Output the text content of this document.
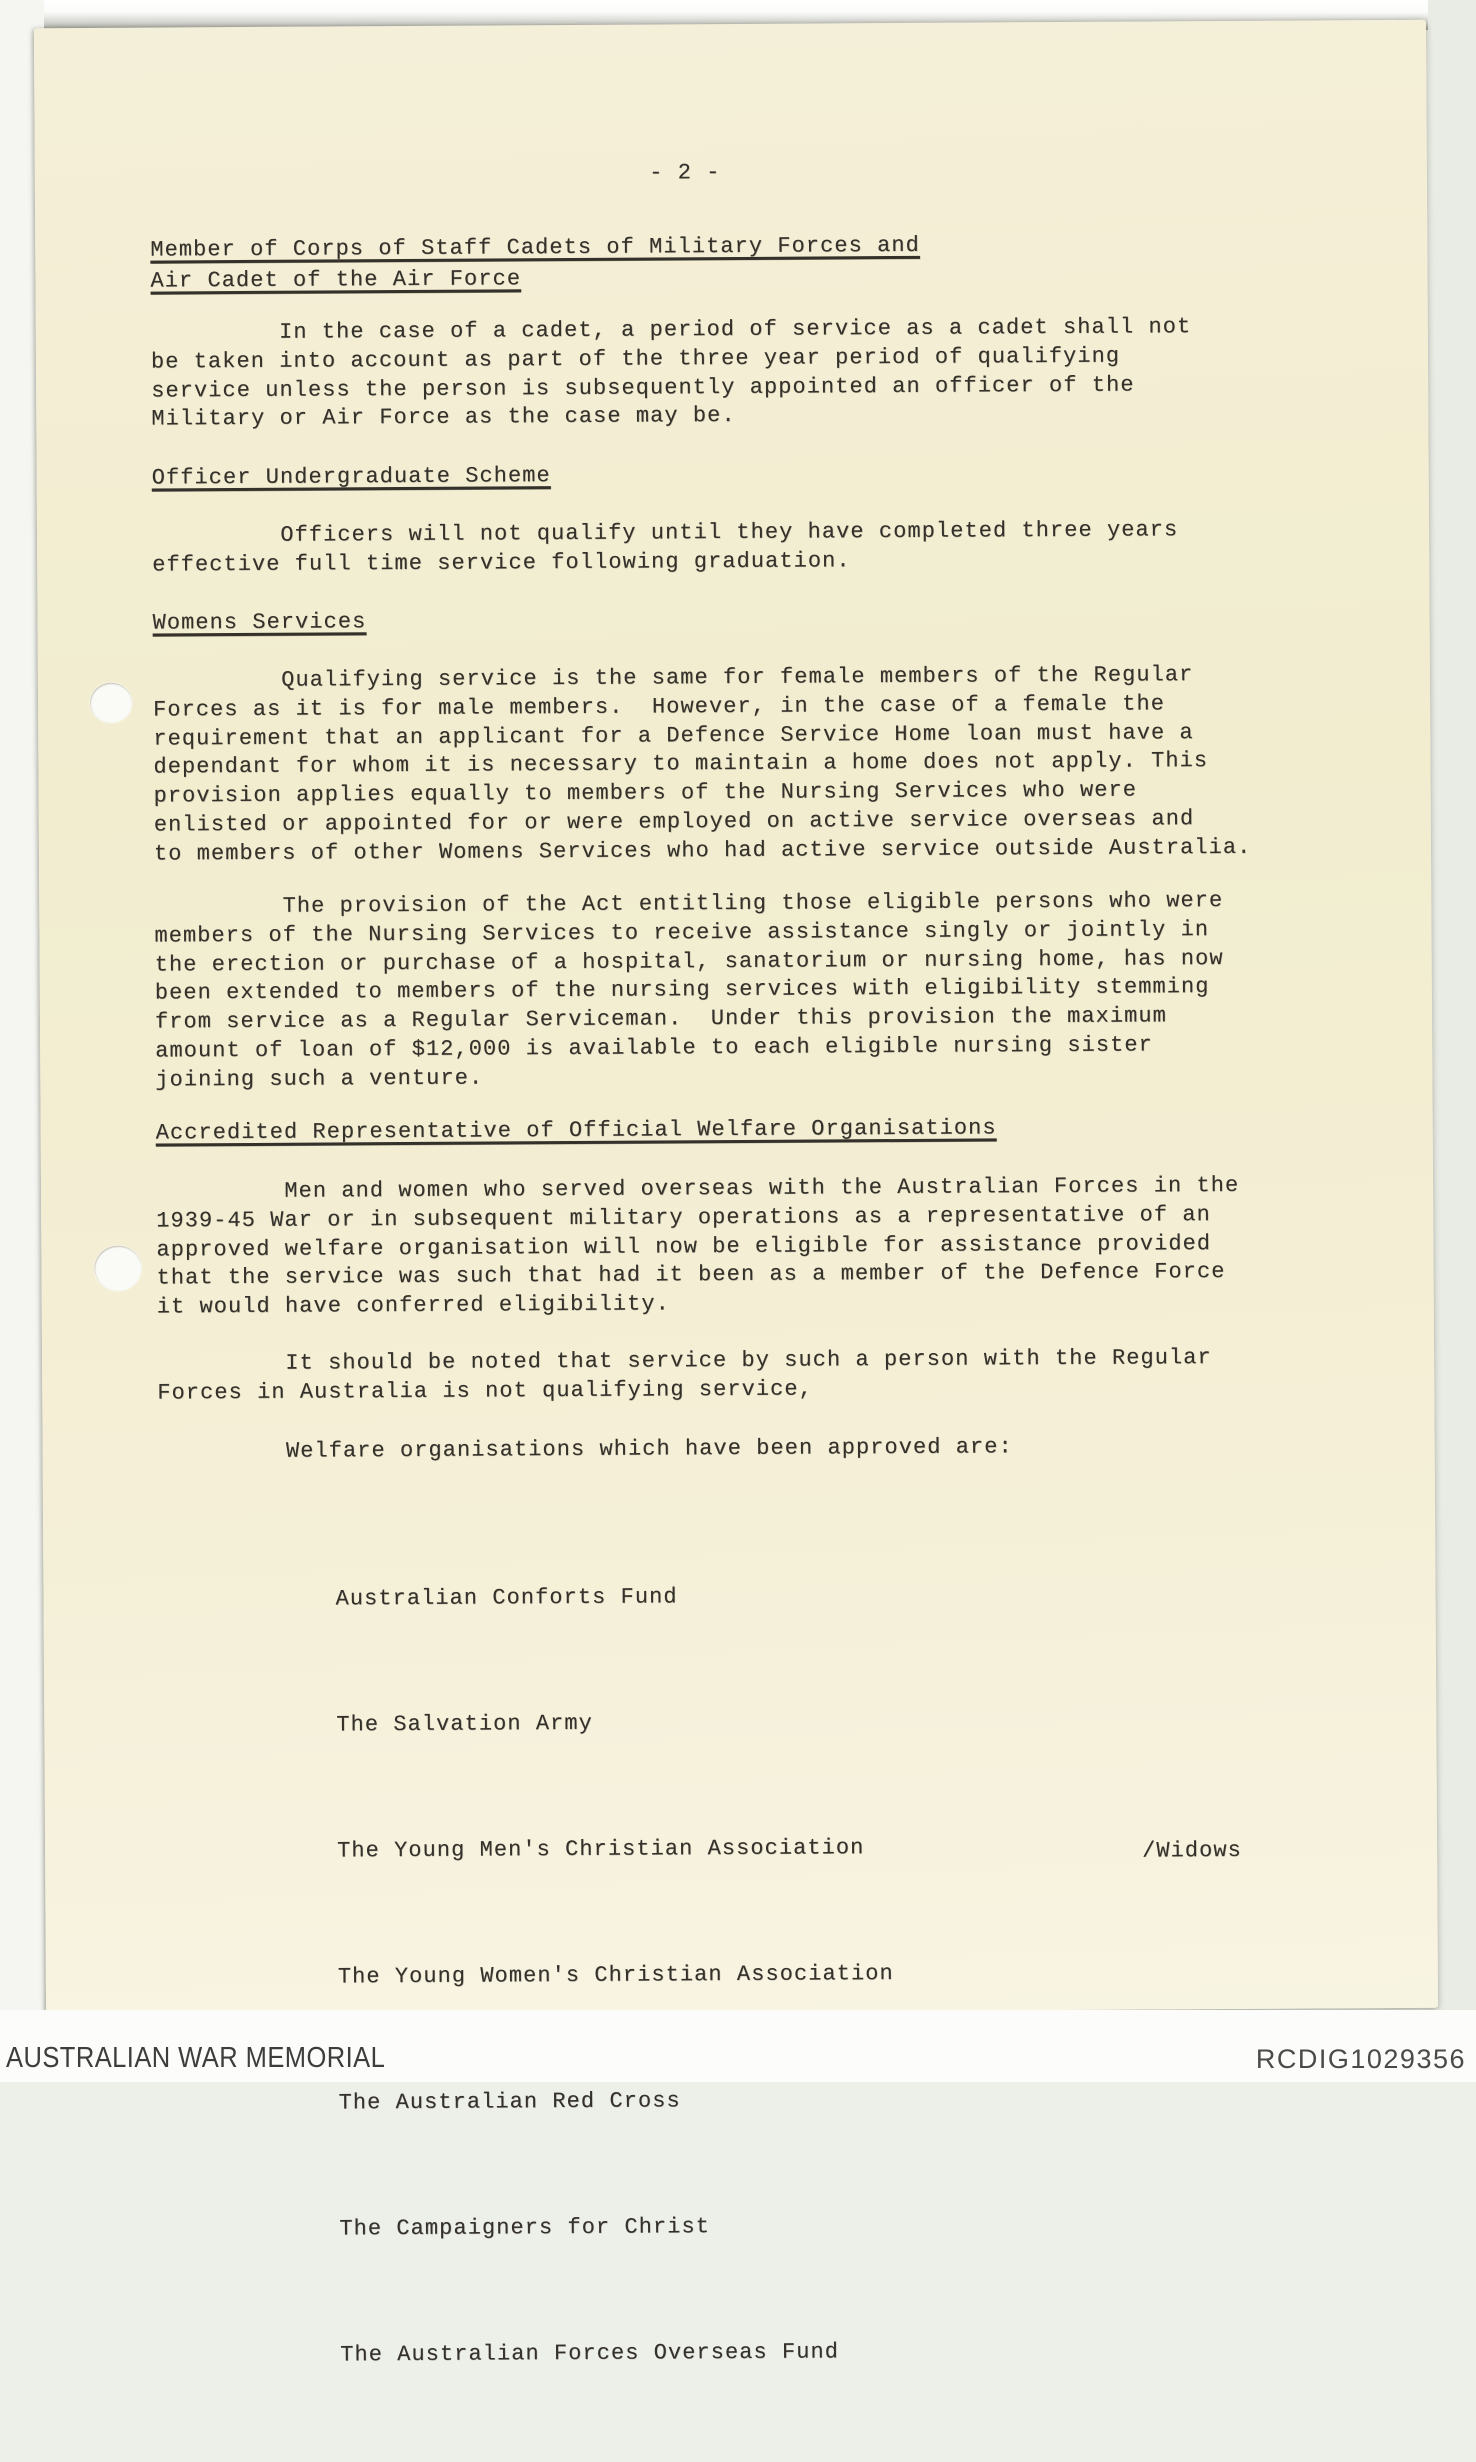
- 2 -
Member of Corps of Staff Cadets of Military Forces and
Air Cadet of the Air Force
In the case of a cadet, a period of service as a cadet shall not
be taken into account as part of the three year period of qualifying
service unless the person is subsequently appointed an officer of the
Military or Air Force as the case may be.
Officer Undergraduate Scheme
Officers will not qualify until they have completed three years
effective full time service following graduation.
Womens Services
Qualifying service is the same for female members of the Regular
Forces as it is for male members.  However, in the case of a female the
requirement that an applicant for a Defence Service Home loan must have a
dependant for whom it is necessary to maintain a home does not apply. This
provision applies equally to members of the Nursing Services who were
enlisted or appointed for or were employed on active service overseas and
to members of other Womens Services who had active service outside Australia.
The provision of the Act entitling those eligible persons who were
members of the Nursing Services to receive assistance singly or jointly in
the erection or purchase of a hospital, sanatorium or nursing home, has now
been extended to members of the nursing services with eligibility stemming
from service as a Regular Serviceman.  Under this provision the maximum
amount of loan of $12,000 is available to each eligible nursing sister
joining such a venture.
Accredited Representative of Official Welfare Organisations
Men and women who served overseas with the Australian Forces in the
1939-45 War or in subsequent military operations as a representative of an
approved welfare organisation will now be eligible for assistance provided
that the service was such that had it been as a member of the Defence Force
it would have conferred eligibility.
It should be noted that service by such a person with the Regular
Forces in Australia is not qualifying service,
Welfare organisations which have been approved are:

Australian Conforts Fund

The Salvation Army

The Young Men's Christian Association

The Young Women's Christian Association

The Australian Red Cross

The Campaigners for Christ

The Australian Forces Overseas Fund

/Widows
AUSTRALIAN WAR MEMORIAL	RCDIG1029356
